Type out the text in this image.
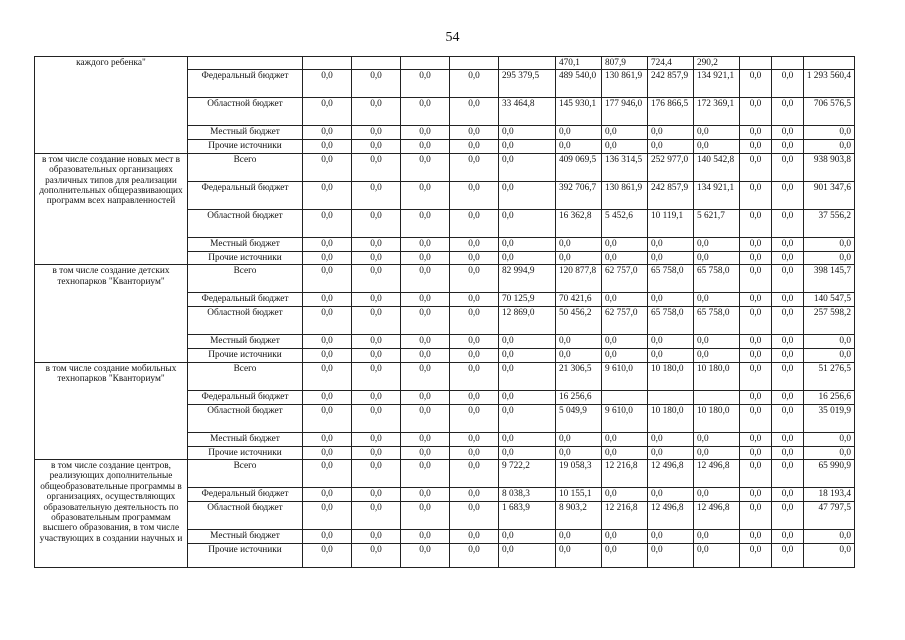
54
каждого ребенка"							470,1	807,9	724,4	290,2			
	Федеральный бюджет	0,0	0,0	0,0	0,0	295 379,5	489 540,0	130 861,9	242 857,9	134 921,1	0,0	0,0	1 293 560,4
	Областной бюджет	0,0	0,0	0,0	0,0	33 464,8	145 930,1	177 946,0	176 866,5	172 369,1	0,0	0,0	706 576,5
	Местный бюджет	0,0	0,0	0,0	0,0	0,0	0,0	0,0	0,0	0,0	0,0	0,0	0,0
	Прочие источники	0,0	0,0	0,0	0,0	0,0	0,0	0,0	0,0	0,0	0,0	0,0	0,0
в том числе создание новых мест в образовательных организациях различных типов для реализации дополнительных общеразвивающих программ всех направленностей	Всего	0,0	0,0	0,0	0,0	0,0	409 069,5	136 314,5	252 977,0	140 542,8	0,0	0,0	938 903,8
	Федеральный бюджет	0,0	0,0	0,0	0,0	0,0	392 706,7	130 861,9	242 857,9	134 921,1	0,0	0,0	901 347,6
	Областной бюджет	0,0	0,0	0,0	0,0	0,0	16 362,8	5 452,6	10 119,1	5 621,7	0,0	0,0	37 556,2
	Местный бюджет	0,0	0,0	0,0	0,0	0,0	0,0	0,0	0,0	0,0	0,0	0,0	0,0
	Прочие источники	0,0	0,0	0,0	0,0	0,0	0,0	0,0	0,0	0,0	0,0	0,0	0,0
в том числе создание детских технопарков "Кванториум"	Всего	0,0	0,0	0,0	0,0	82 994,9	120 877,8	62 757,0	65 758,0	65 758,0	0,0	0,0	398 145,7
	Федеральный бюджет	0,0	0,0	0,0	0,0	70 125,9	70 421,6	0,0	0,0	0,0	0,0	0,0	140 547,5
	Областной бюджет	0,0	0,0	0,0	0,0	12 869,0	50 456,2	62 757,0	65 758,0	65 758,0	0,0	0,0	257 598,2
	Местный бюджет	0,0	0,0	0,0	0,0	0,0	0,0	0,0	0,0	0,0	0,0	0,0	0,0
	Прочие источники	0,0	0,0	0,0	0,0	0,0	0,0	0,0	0,0	0,0	0,0	0,0	0,0
в том числе создание мобильных технопарков "Кванториум"	Всего	0,0	0,0	0,0	0,0	0,0	21 306,5	9 610,0	10 180,0	10 180,0	0,0	0,0	51 276,5
	Федеральный бюджет	0,0	0,0	0,0	0,0	0,0	16 256,6				0,0	0,0	16 256,6
	Областной бюджет	0,0	0,0	0,0	0,0	0,0	5 049,9	9 610,0	10 180,0	10 180,0	0,0	0,0	35 019,9
	Местный бюджет	0,0	0,0	0,0	0,0	0,0	0,0	0,0	0,0	0,0	0,0	0,0	0,0
	Прочие источники	0,0	0,0	0,0	0,0	0,0	0,0	0,0	0,0	0,0	0,0	0,0	0,0
в том числе создание центров, реализующих дополнительные общеобразовательные программы в организациях, осуществляющих образовательную деятельность по образовательным программам высшего образования, в том числе участвующих в создании научных и	Всего	0,0	0,0	0,0	0,0	9 722,2	19 058,3	12 216,8	12 496,8	12 496,8	0,0	0,0	65 990,9
	Федеральный бюджет	0,0	0,0	0,0	0,0	8 038,3	10 155,1	0,0	0,0	0,0	0,0	0,0	18 193,4
	Областной бюджет	0,0	0,0	0,0	0,0	1 683,9	8 903,2	12 216,8	12 496,8	12 496,8	0,0	0,0	47 797,5
	Местный бюджет	0,0	0,0	0,0	0,0	0,0	0,0	0,0	0,0	0,0	0,0	0,0	0,0
	Прочие источники	0,0	0,0	0,0	0,0	0,0	0,0	0,0	0,0	0,0	0,0	0,0	0,0
